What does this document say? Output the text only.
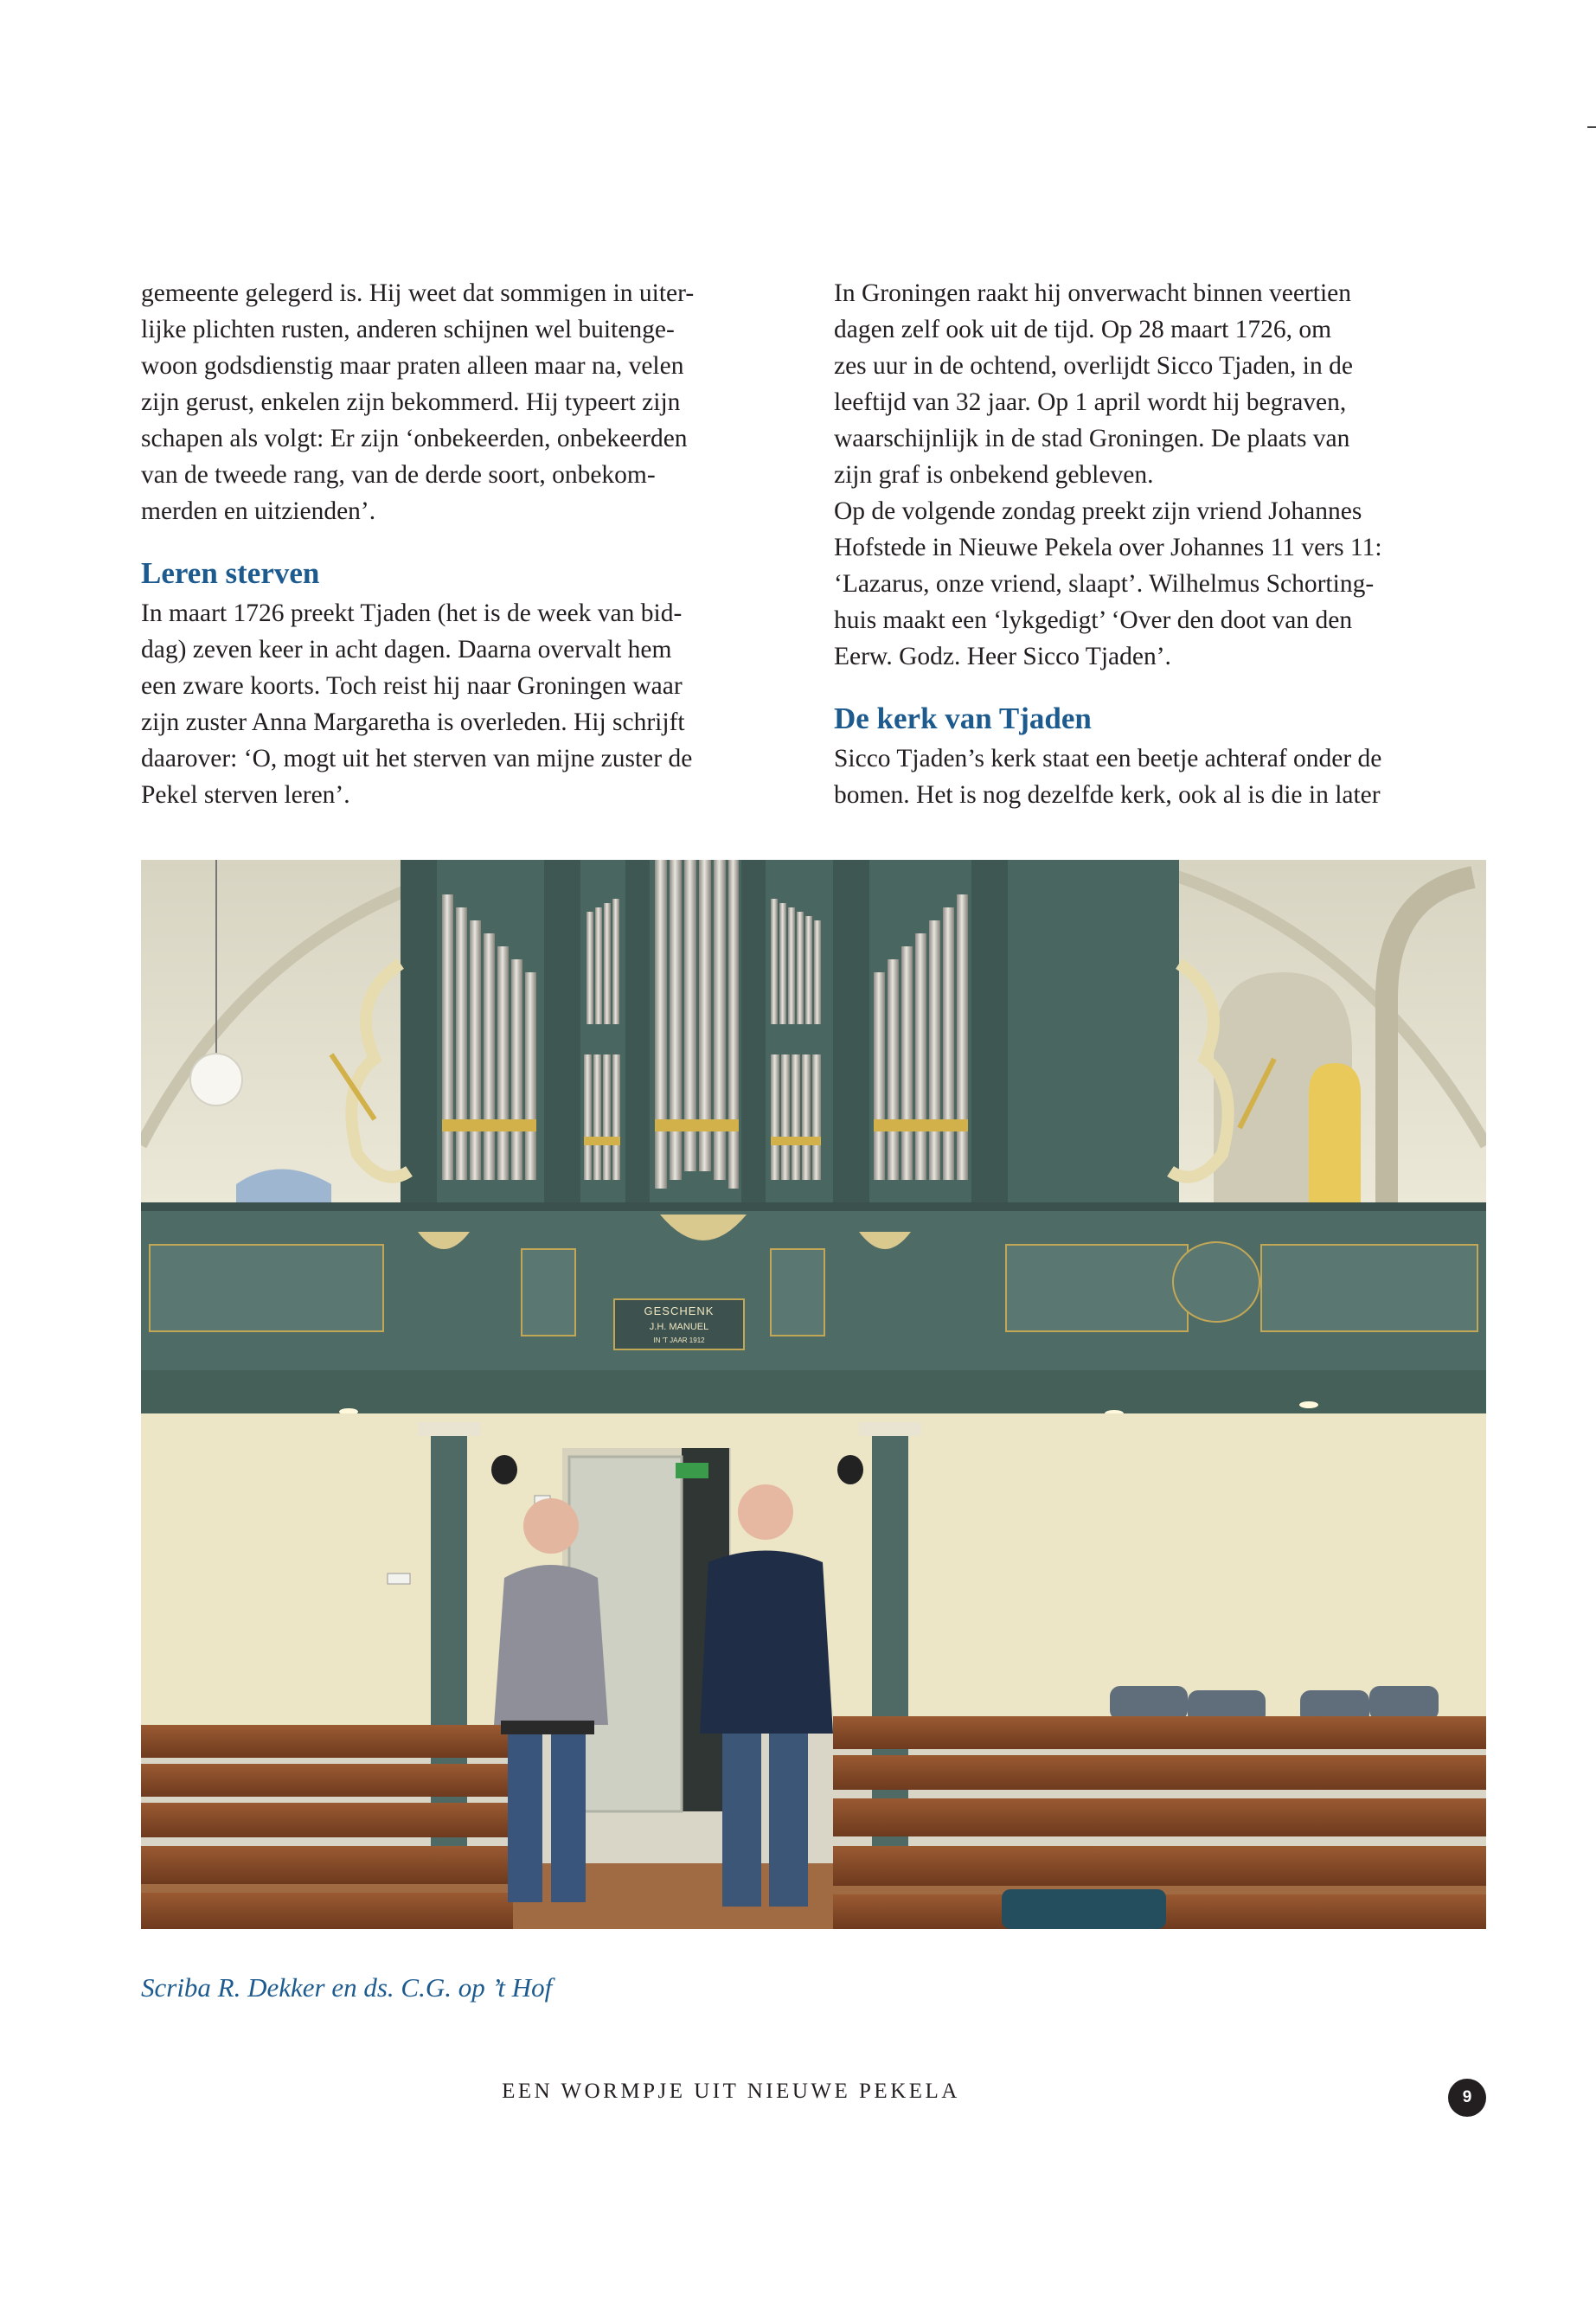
gemeente gelegerd is. Hij weet dat sommigen in uiter-

lijke plichten rusten, anderen schijnen wel buitenge-

woon godsdienstig maar praten alleen maar na, velen

zijn gerust, enkelen zijn bekommerd. Hij typeert zijn

schapen als volgt: Er zijn ‘onbekeerden, onbekeerden

van de tweede rang, van de derde soort, onbekom-

merden en uitzienden’.

Leren sterven

In maart 1726 preekt Tjaden (het is de week van bid-

dag) zeven keer in acht dagen. Daarna overvalt hem

een zware koorts. Toch reist hij naar Groningen waar

zijn zuster Anna Margaretha is overleden. Hij schrijft

daarover: ‘O, mogt uit het sterven van mijne zuster de

Pekel sterven leren’.

In Groningen raakt hij onverwacht binnen veertien

dagen zelf ook uit de tijd. Op 28 maart 1726, om

zes uur in de ochtend, overlijdt Sicco Tjaden, in de

leeftijd van 32 jaar. Op 1 april wordt hij begraven,

waarschijnlijk in de stad Groningen. De plaats van

zijn graf is onbekend gebleven.

Op de volgende zondag preekt zijn vriend Johannes

Hofstede in Nieuwe Pekela over Johannes 11 vers 11:

‘Lazarus, onze vriend, slaapt’. Wilhelmus Schorting-

huis maakt een ‘lykgedigt’ ‘Over den doot van den

Eerw. Godz. Heer Sicco Tjaden’.

De kerk van Tjaden

Sicco Tjaden’s kerk staat een beetje achteraf onder de

bomen. Het is nog dezelfde kerk, ook al is die in later

GESCHENK
J.H. MANUEL
IN 'T JAAR 1912
Scriba R. Dekker en ds. C.G. op ’t Hof
EEN WORMPJE UIT NIEUWE PEKELA	9
